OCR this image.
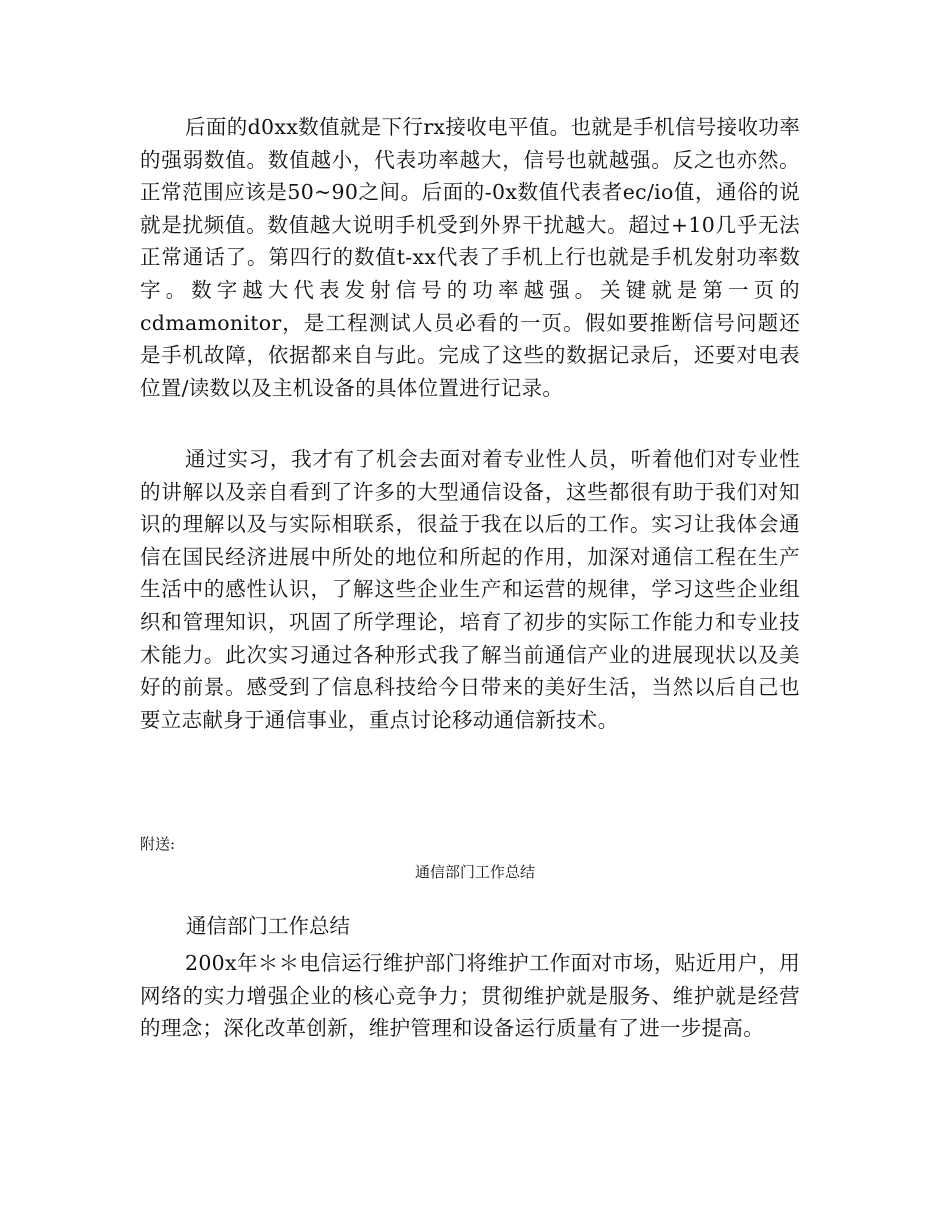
后面的d0xx数值就是下行rx接收电平值。也就是手机信号接收功率的强弱数值。数值越小，代表功率越大，信号也就越强。反之也亦然。正常范围应该是50~90之间。后面的-0x数值代表者ec/io值，通俗的说就是扰频值。数值越大说明手机受到外界干扰越大。超过+10几乎无法正常通话了。第四行的数值t-xx代表了手机上行也就是手机发射功率数字。数字越大代表发射信号的功率越强。关键就是第一页的cdmamonitor，是工程测试人员必看的一页。假如要推断信号问题还是手机故障，依据都来自与此。完成了这些的数据记录后，还要对电表位置/读数以及主机设备的具体位置进行记录。

通过实习，我才有了机会去面对着专业性人员，听着他们对专业性的讲解以及亲自看到了许多的大型通信设备，这些都很有助于我们对知识的理解以及与实际相联系，很益于我在以后的工作。实习让我体会通信在国民经济进展中所处的地位和所起的作用，加深对通信工程在生产生活中的感性认识，了解这些企业生产和运营的规律，学习这些企业组织和管理知识，巩固了所学理论，培育了初步的实际工作能力和专业技术能力。此次实习通过各种形式我了解当前通信产业的进展现状以及美好的前景。感受到了信息科技给今日带来的美好生活，当然以后自己也要立志献身于通信事业，重点讨论移动通信新技术。

附送:

通信部门工作总结

通信部门工作总结

200x年＊＊电信运行维护部门将维护工作面对市场，贴近用户，用网络的实力增强企业的核心竞争力；贯彻维护就是服务、维护就是经营的理念；深化改革创新，维护管理和设备运行质量有了进一步提高。
